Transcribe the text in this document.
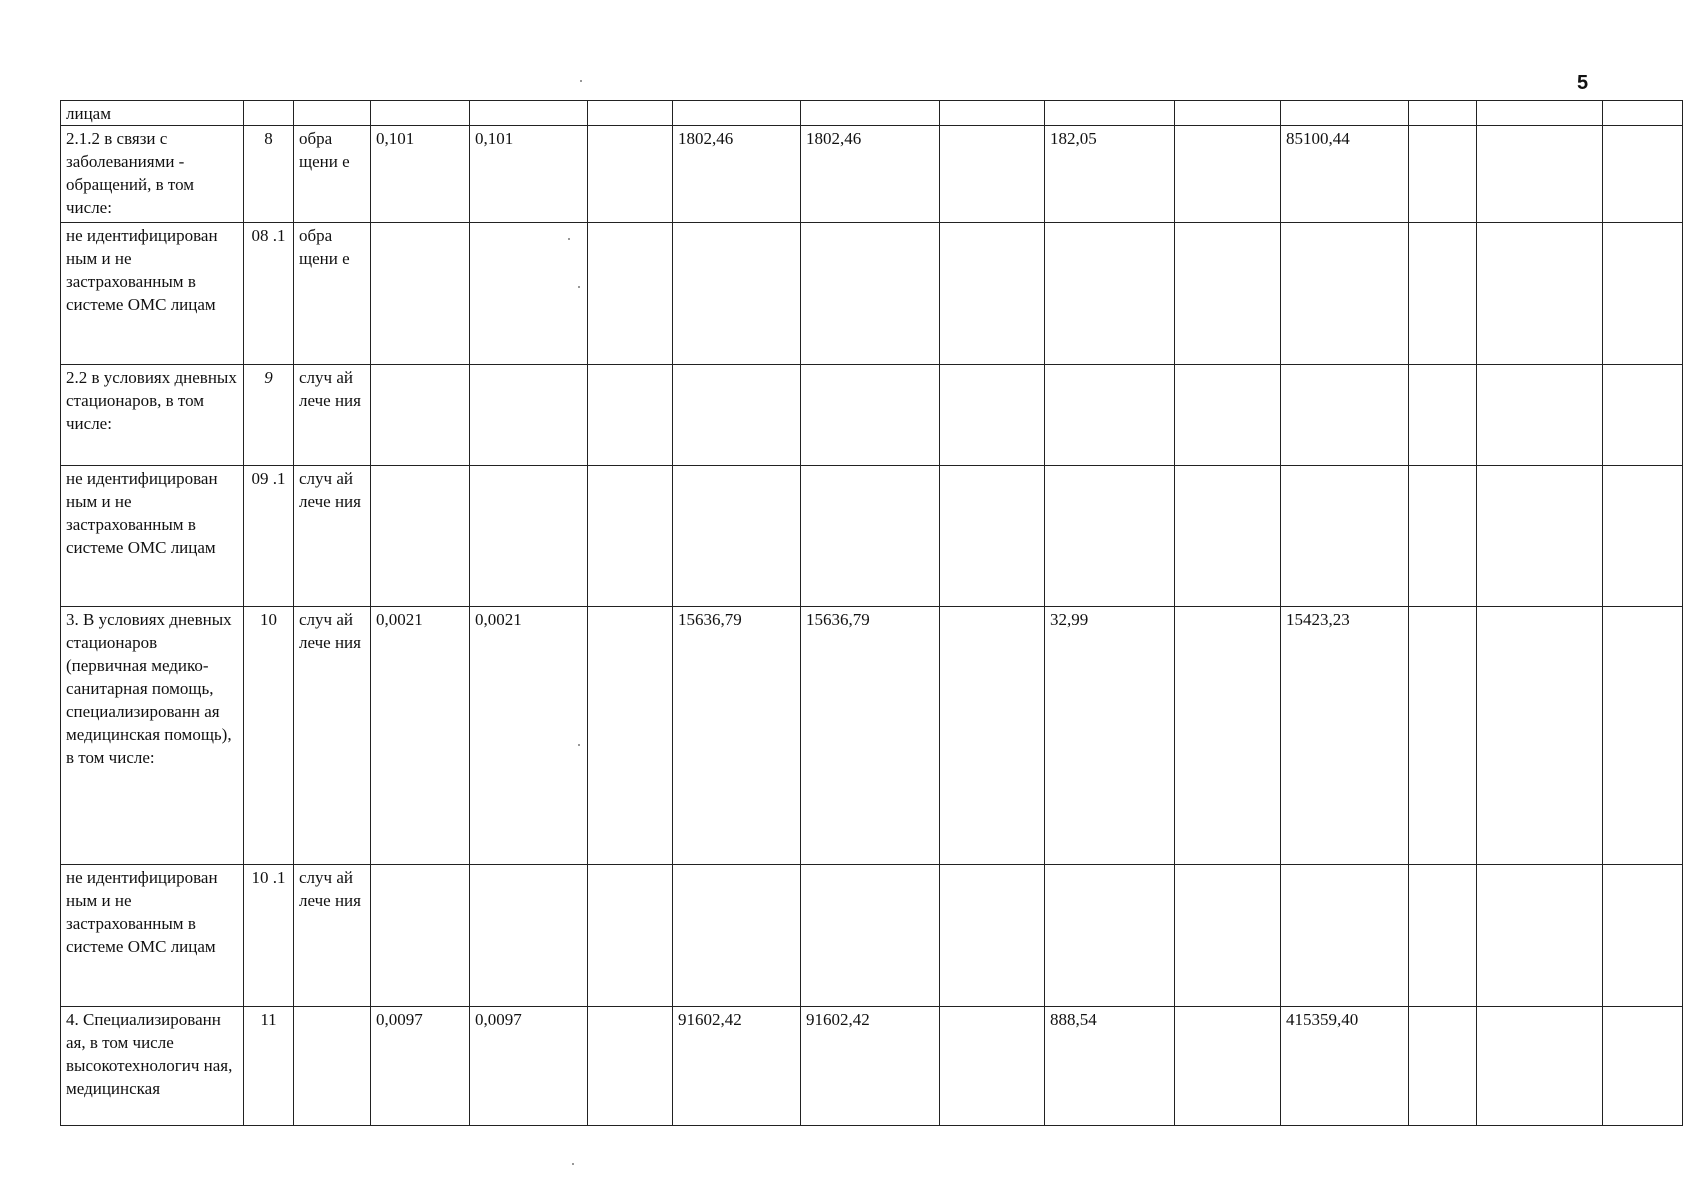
5
лицам														
2.1.2 в связи с заболеваниями - обращений, в том числе:	8	обра щени е	0,101	0,101		1802,46	1802,46		182,05		85100,44			
не идентифицирован ным и не застрахованным в системе ОМС лицам	08 .1	обра щени е												
2.2 в условиях дневных стационаров, в том числе:	9	случ ай лече ния												
не идентифицирован ным и не застрахованным в системе ОМС лицам	09 .1	случ ай лече ния												
3. В условиях дневных стационаров (первичная медико- санитарная помощь, специализированн ая медицинская помощь), в том числе:	10	случ ай лече ния	0,0021	0,0021		15636,79	15636,79		32,99		15423,23			
не идентифицирован ным и не застрахованным в системе ОМС лицам	10 .1	случ ай лече ния												
4. Специализированн ая, в том числе высокотехнологич ная, медицинская	11		0,0097	0,0097		91602,42	91602,42		888,54		415359,40			
